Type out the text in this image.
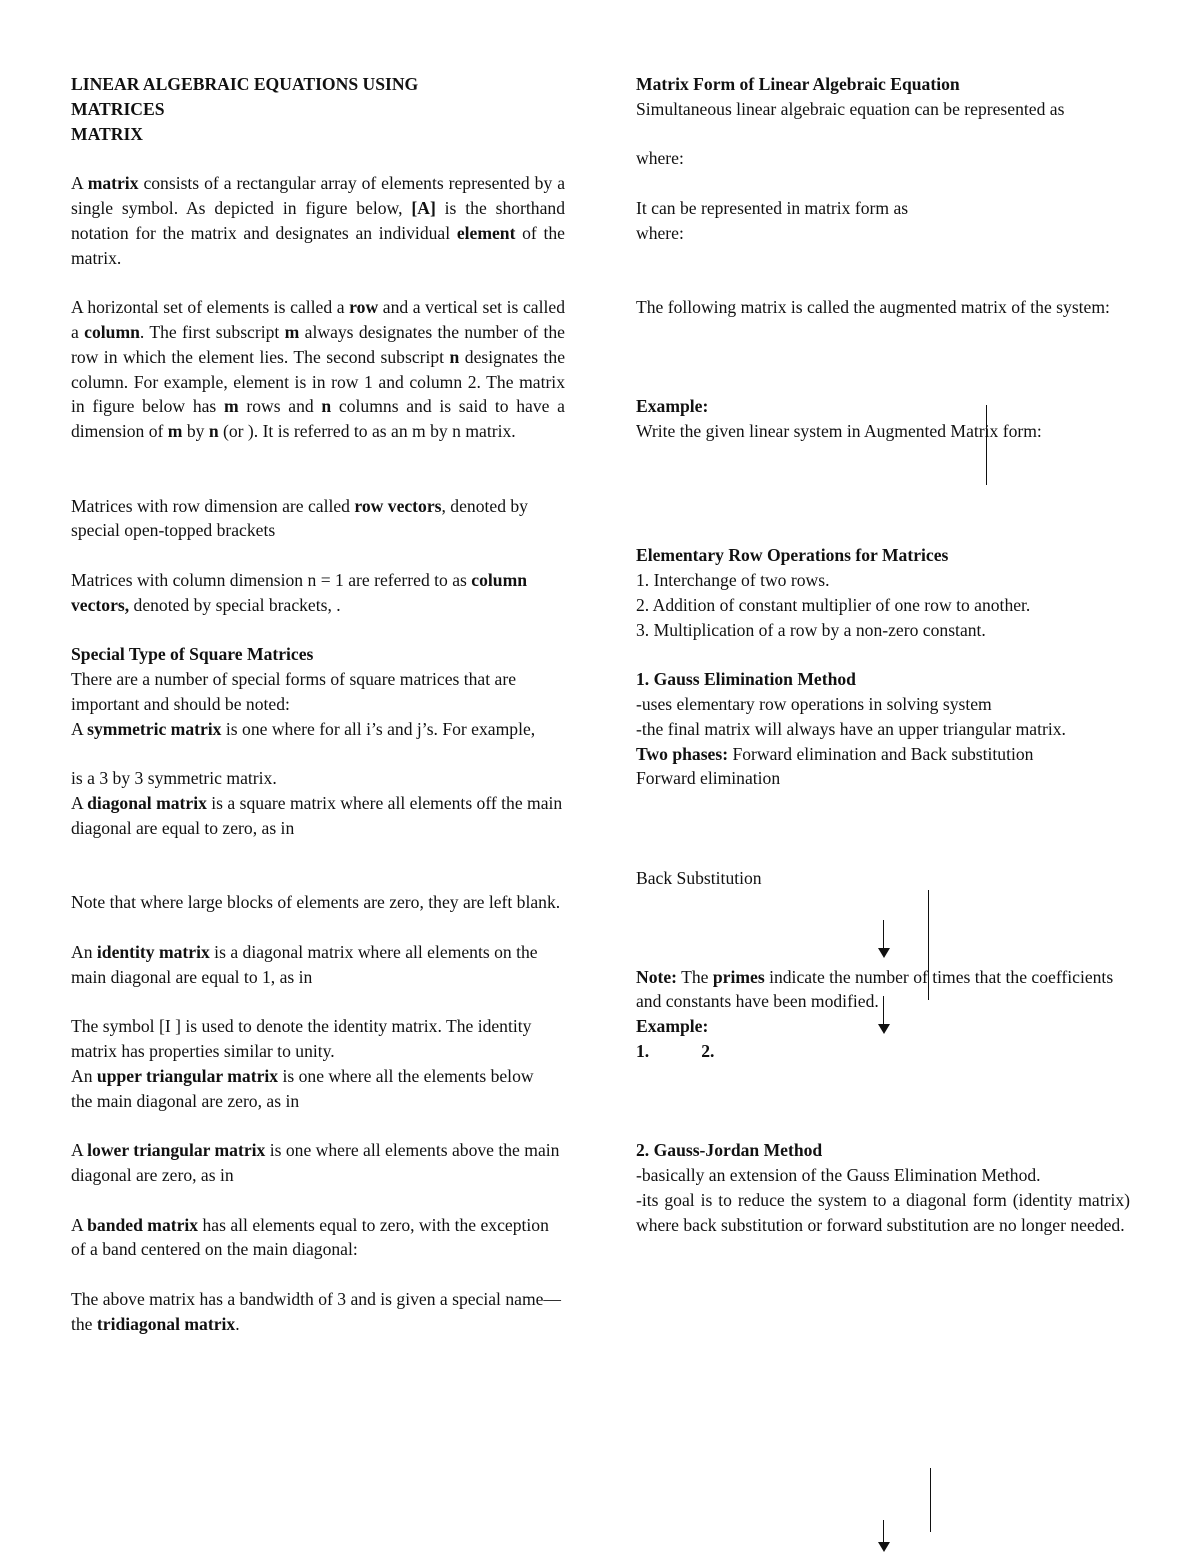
LINEAR ALGEBRAIC EQUATIONS USING

MATRICES

MATRIX

A matrix consists of a rectangular array of elements represented by a single symbol. As depicted in figure below, [A] is the shorthand notation for the matrix and designates an individual element of the matrix.

A horizontal set of elements is called a row and a vertical set is called a column. The first subscript m always designates the number of the row in which the element lies. The second subscript n designates the column. For example, element is in row 1 and column 2. The matrix in figure below has m rows and n columns and is said to have a dimension of m by n (or ). It is referred to as an m by n matrix.

Matrices with row dimension are called row vectors, denoted by special open-topped brackets

Matrices with column dimension n = 1 are referred to as column vectors, denoted by special brackets, .

Special Type of Square Matrices

There are a number of special forms of square matrices that are important and should be noted:

A symmetric matrix is one where for all i’s and j’s. For example,

is a 3 by 3 symmetric matrix.

A diagonal matrix is a square matrix where all elements off the main diagonal are equal to zero, as in

Note that where large blocks of elements are zero, they are left blank.

An identity matrix is a diagonal matrix where all elements on the main diagonal are equal to 1, as in

The symbol [I ] is used to denote the identity matrix. The identity matrix has properties similar to unity.

An upper triangular matrix is one where all the elements below

the main diagonal are zero, as in

A lower triangular matrix is one where all elements above the main diagonal are zero, as in

A banded matrix has all elements equal to zero, with the exception of a band centered on the main diagonal:

The above matrix has a bandwidth of 3 and is given a special name—the tridiagonal matrix.

Matrix Form of Linear Algebraic Equation

Simultaneous linear algebraic equation can be represented as

where:

It can be represented in matrix form as

where:

The following matrix is called the augmented matrix of the system:

Example:

Write the given linear system in Augmented Matrix form:

Elementary Row Operations for Matrices

1. Interchange of two rows.

2. Addition of constant multiplier of one row to another.

3. Multiplication of a row by a non-zero constant.

1. Gauss Elimination Method

-uses elementary row operations in solving system

-the final matrix will always have an upper triangular matrix.

Two phases: Forward elimination and Back substitution

Forward elimination

Back Substitution

Note: The primes indicate the number of times that the coefficients and constants have been modified.

Example:

1.	2.

2. Gauss-Jordan Method

-basically an extension of the Gauss Elimination Method.

-its goal is to reduce the system to a diagonal form (identity matrix) where back substitution or forward substitution are no longer needed.
